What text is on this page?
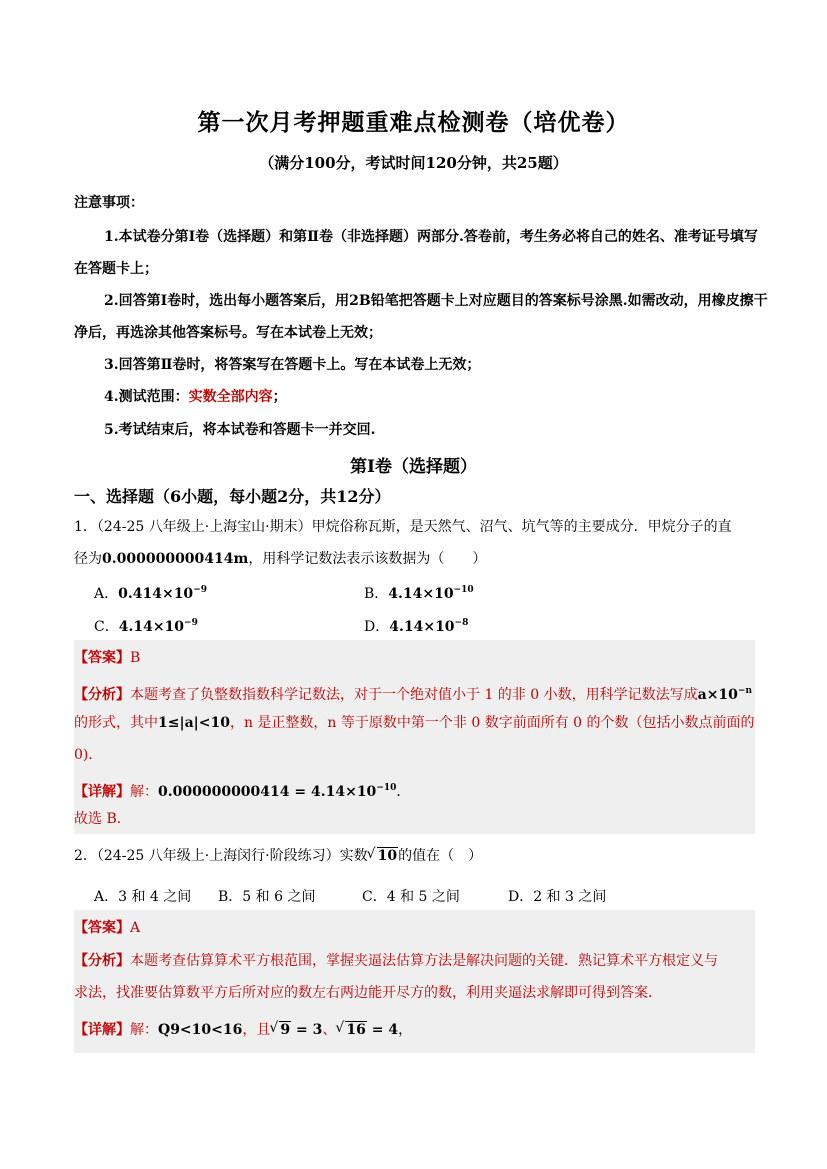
第一次月考押题重难点检测卷（培优卷）
（满分100分，考试时间120分钟，共25题）
注意事项：
1.本试卷分第Ⅰ卷（选择题）和第Ⅱ卷（非选择题）两部分.答卷前，考生务必将自己的姓名、准考证号填写
在答题卡上；
2.回答第Ⅰ卷时，选出每小题答案后，用2B铅笔把答题卡上对应题目的答案标号涂黑.如需改动，用橡皮擦干
净后，再选涂其他答案标号。写在本试卷上无效；
3.回答第Ⅱ卷时，将答案写在答题卡上。写在本试卷上无效；
4.测试范围：实数全部内容；
5.考试结束后，将本试卷和答题卡一并交回.
第Ⅰ卷（选择题）
一、选择题（6小题，每小题2分，共12分）
1．（24-25 八年级上·上海宝山·期末）甲烷俗称瓦斯，是天然气、沼气、坑气等的主要成分．甲烷分子的直
径为0.000000000414m，用科学记数法表示该数据为（　　）
A．$0.414\times 10^{-9}$	B．$4.14\times 10^{-10}$
C．$4.14\times 10^{-9}$	D．$4.14\times 10^{-8}$
【答案】B
【分析】本题考查了负整数指数科学记数法，对于一个绝对值小于 1 的非 0 小数，用科学记数法写成$a\times 10^{-n}$
的形式，其中1≤|a|<10，n 是正整数，n 等于原数中第一个非 0 数字前面所有 0 的个数（包括小数点前面的
0)．
【详解】解：$0.000000000414 = 4.14\times 10^{-10}$．
故选 B．
2．（24-25 八年级上·上海闵行·阶段练习）实数 √ 10的值在（　）
A．3 和 4 之间 B．5 和 6 之间	C．4 和 5 之间	D．2 和 3 之间
【答案】A
【分析】本题考查估算算术平方根范围，掌握夹逼法估算方法是解决问题的关键．熟记算术平方根定义与
求法，找准要估算数平方后所对应的数左右两边能开尽方的数，利用夹逼法求解即可得到答案．
【详解】解：Q9<10<16，且 √ 9 = 3、 √ 16 = 4，
